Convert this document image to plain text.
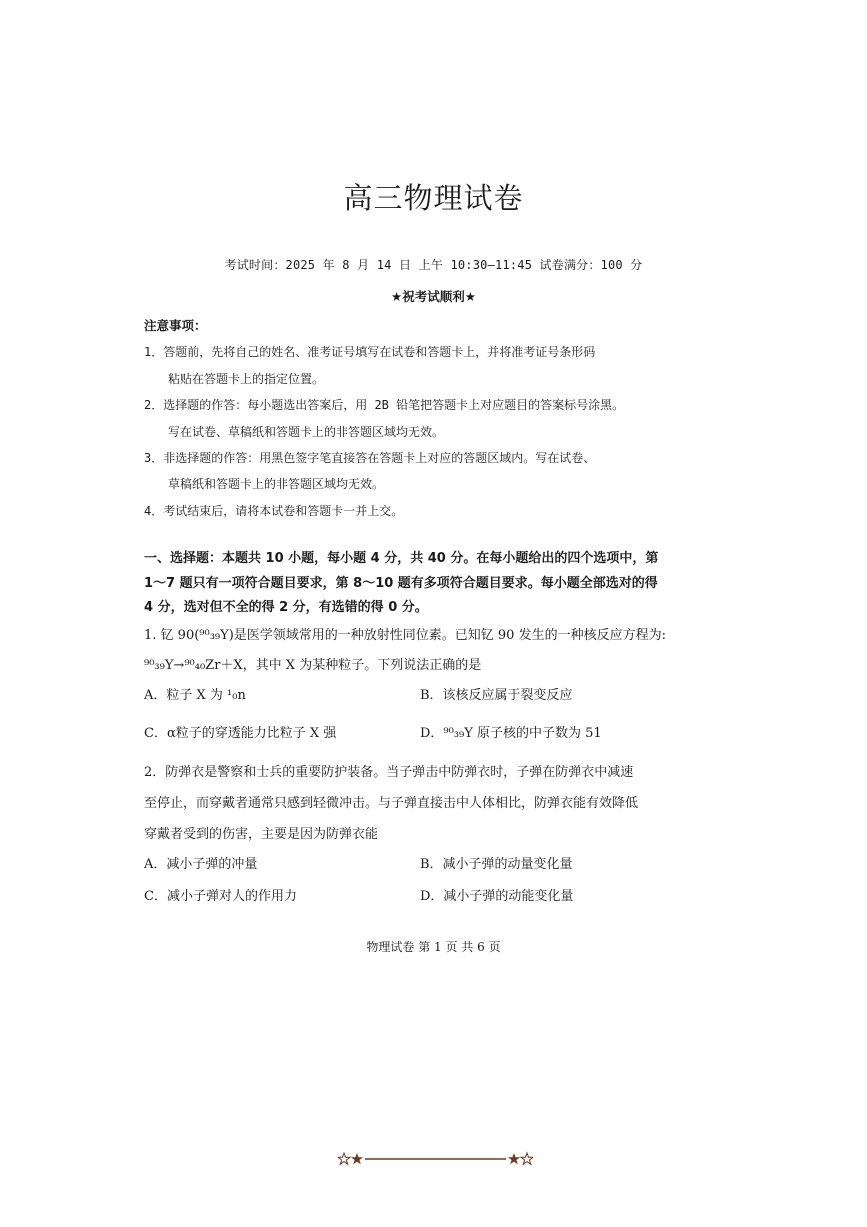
高三物理试卷
考试时间：2025 年 8 月 14 日 上午 10:30—11:45 试卷满分：100 分
★祝考试顺利★
注意事项：
1．答题前，先将自己的姓名、准考证号填写在试卷和答题卡上，并将准考证号条形码
粘贴在答题卡上的指定位置。
2．选择题的作答：每小题选出答案后，用 2B 铅笔把答题卡上对应题目的答案标号涂黑。
写在试卷、草稿纸和答题卡上的非答题区域均无效。
3．非选择题的作答：用黑色签字笔直接答在答题卡上对应的答题区域内。写在试卷、
草稿纸和答题卡上的非答题区域均无效。
4．考试结束后，请将本试卷和答题卡一并上交。
一、选择题：本题共 10 小题，每小题 4 分，共 40 分。在每小题给出的四个选项中，第
1～7 题只有一项符合题目要求，第 8～10 题有多项符合题目要求。每小题全部选对的得
4 分，选对但不全的得 2 分，有选错的得 0 分。
1. 钇 90(⁹⁰₃₉Y)是医学领域常用的一种放射性同位素。已知钇 90 发生的一种核反应方程为:
⁹⁰₃₉Y→⁹⁰₄₀Zr＋X，其中 X 为某种粒子。下列说法正确的是
A．粒子 X 为 ¹₀n	B．该核反应属于裂变反应
C．α粒子的穿透能力比粒子 X 强	D．⁹⁰₃₉Y 原子核的中子数为 51
2．防弹衣是警察和士兵的重要防护装备。当子弹击中防弹衣时，子弹在防弹衣中减速
至停止，而穿戴者通常只感到轻微冲击。与子弹直接击中人体相比，防弹衣能有效降低
穿戴者受到的伤害，主要是因为防弹衣能
A．减小子弹的冲量	B．减小子弹的动量变化量
C．减小子弹对人的作用力	D．减小子弹的动能变化量
物理试卷 第 1 页 共 6 页
